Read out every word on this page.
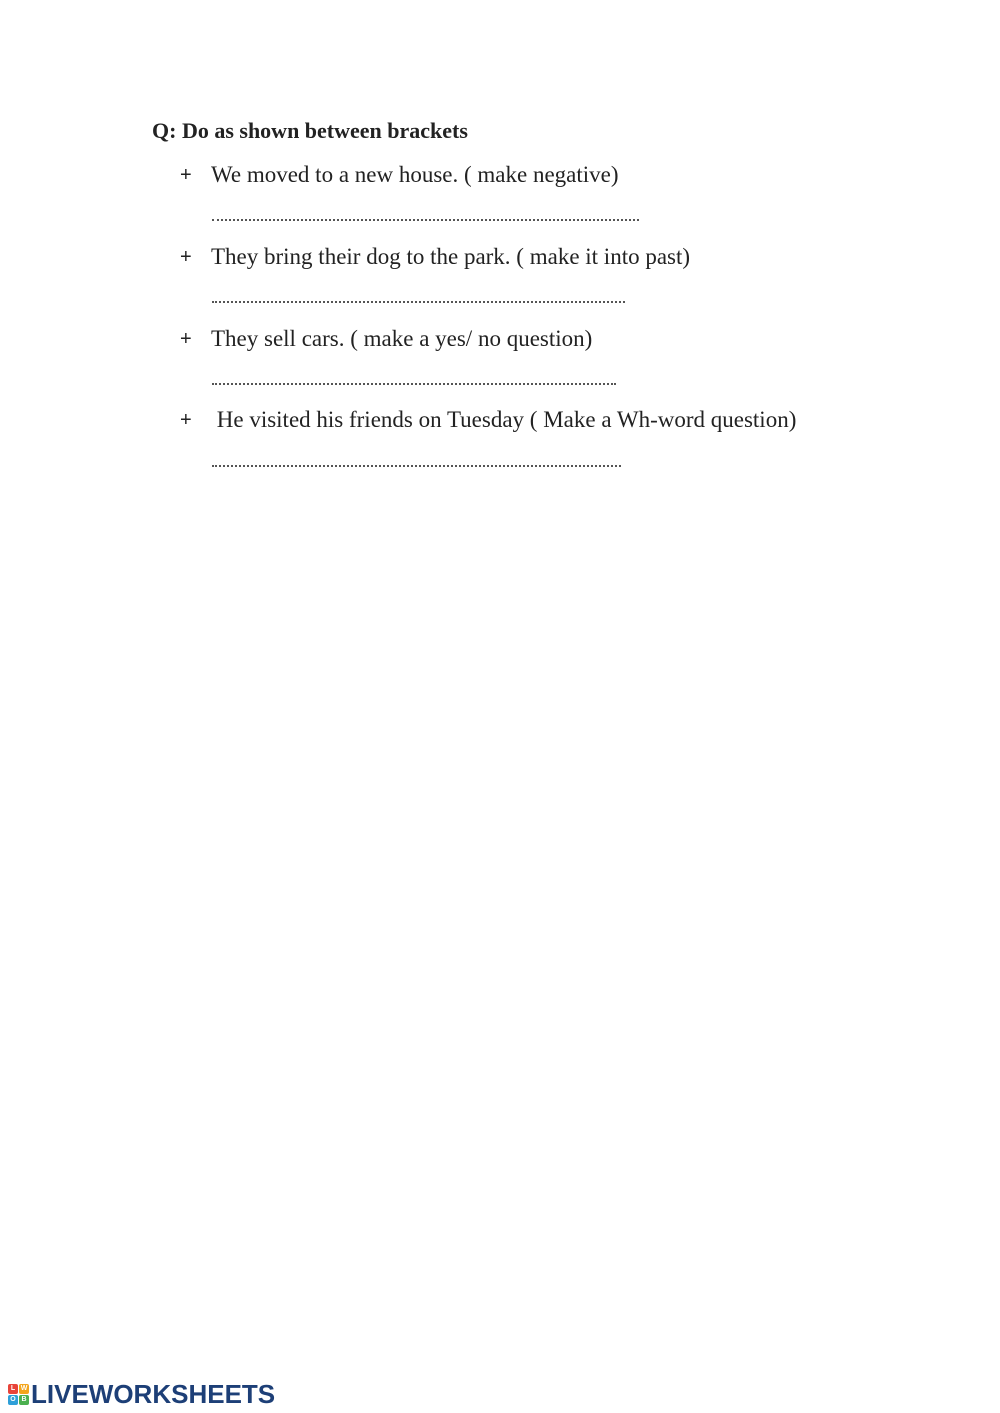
Q: Do as shown between brackets
+ We moved to a new house. ( make negative)
+ They bring their dog to the park. ( make it into past)
+ They sell cars. ( make a yes/ no question)
+ He visited his friends on Tuesday ( Make a Wh-word question)
L W
O B LIVEWORKSHEETS
